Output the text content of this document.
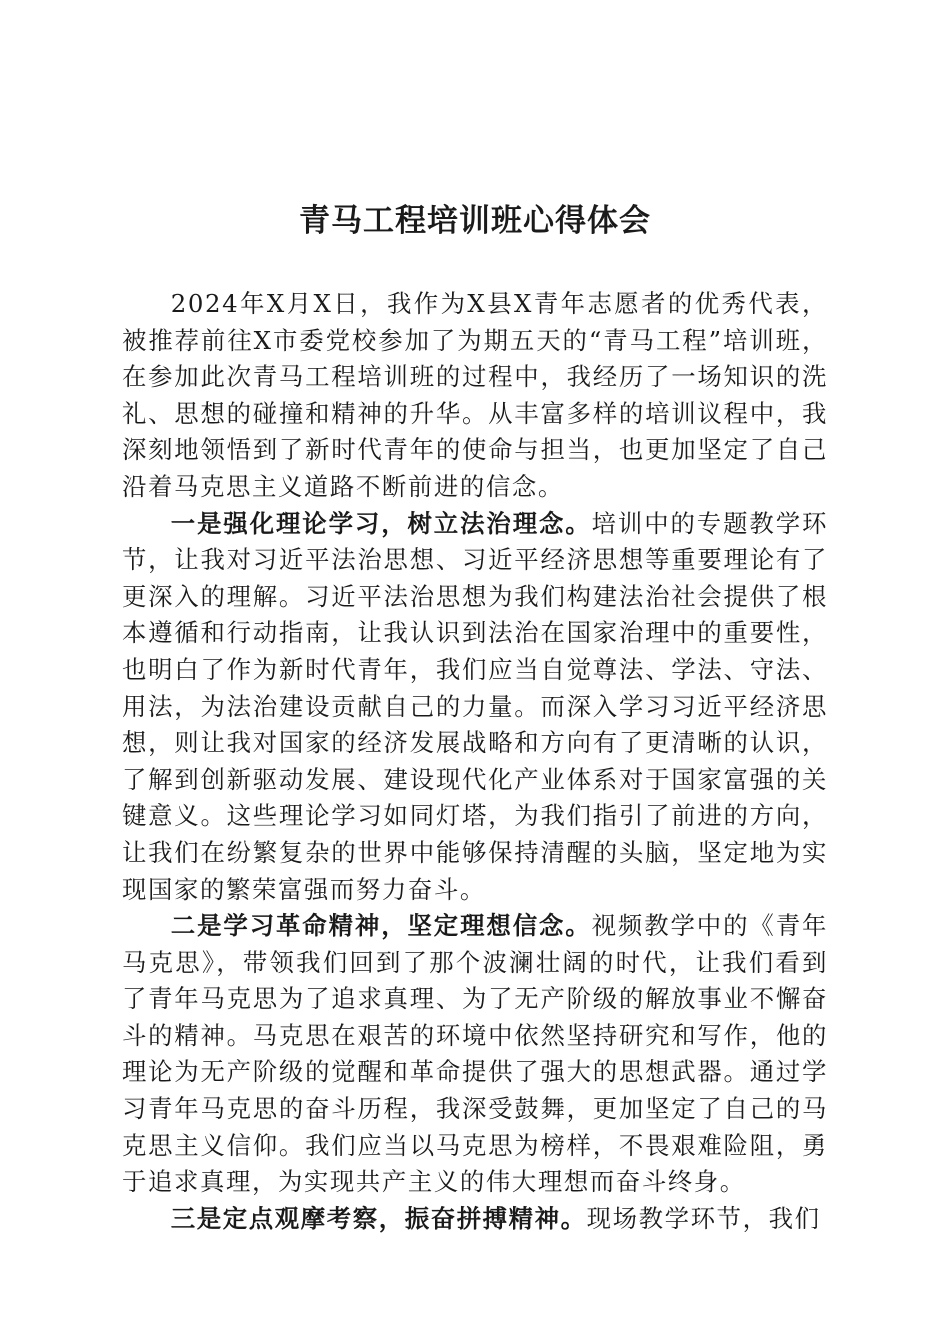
青马工程培训班心得体会

2024年X月X日，我作为X县X青年志愿者的优秀代表，被推荐前往X市委党校参加了为期五天的“青马工程”培训班，在参加此次青马工程培训班的过程中，我经历了一场知识的洗礼、思想的碰撞和精神的升华。从丰富多样的培训议程中，我深刻地领悟到了新时代青年的使命与担当，也更加坚定了自己沿着马克思主义道路不断前进的信念。

一是强化理论学习，树立法治理念。培训中的专题教学环节，让我对习近平法治思想、习近平经济思想等重要理论有了更深入的理解。习近平法治思想为我们构建法治社会提供了根本遵循和行动指南，让我认识到法治在国家治理中的重要性，也明白了作为新时代青年，我们应当自觉尊法、学法、守法、用法，为法治建设贡献自己的力量。而深入学习习近平经济思想，则让我对国家的经济发展战略和方向有了更清晰的认识，了解到创新驱动发展、建设现代化产业体系对于国家富强的关键意义。这些理论学习如同灯塔，为我们指引了前进的方向，让我们在纷繁复杂的世界中能够保持清醒的头脑，坚定地为实现国家的繁荣富强而努力奋斗。

二是学习革命精神，坚定理想信念。视频教学中的《青年马克思》，带领我们回到了那个波澜壮阔的时代，让我们看到了青年马克思为了追求真理、为了无产阶级的解放事业不懈奋斗的精神。马克思在艰苦的环境中依然坚持研究和写作，他的理论为无产阶级的觉醒和革命提供了强大的思想武器。通过学习青年马克思的奋斗历程，我深受鼓舞，更加坚定了自己的马克思主义信仰。我们应当以马克思为榜样，不畏艰难险阻，勇于追求真理，为实现共产主义的伟大理想而奋斗终身。

三是定点观摩考察，振奋拼搏精神。现场教学环节，我们
